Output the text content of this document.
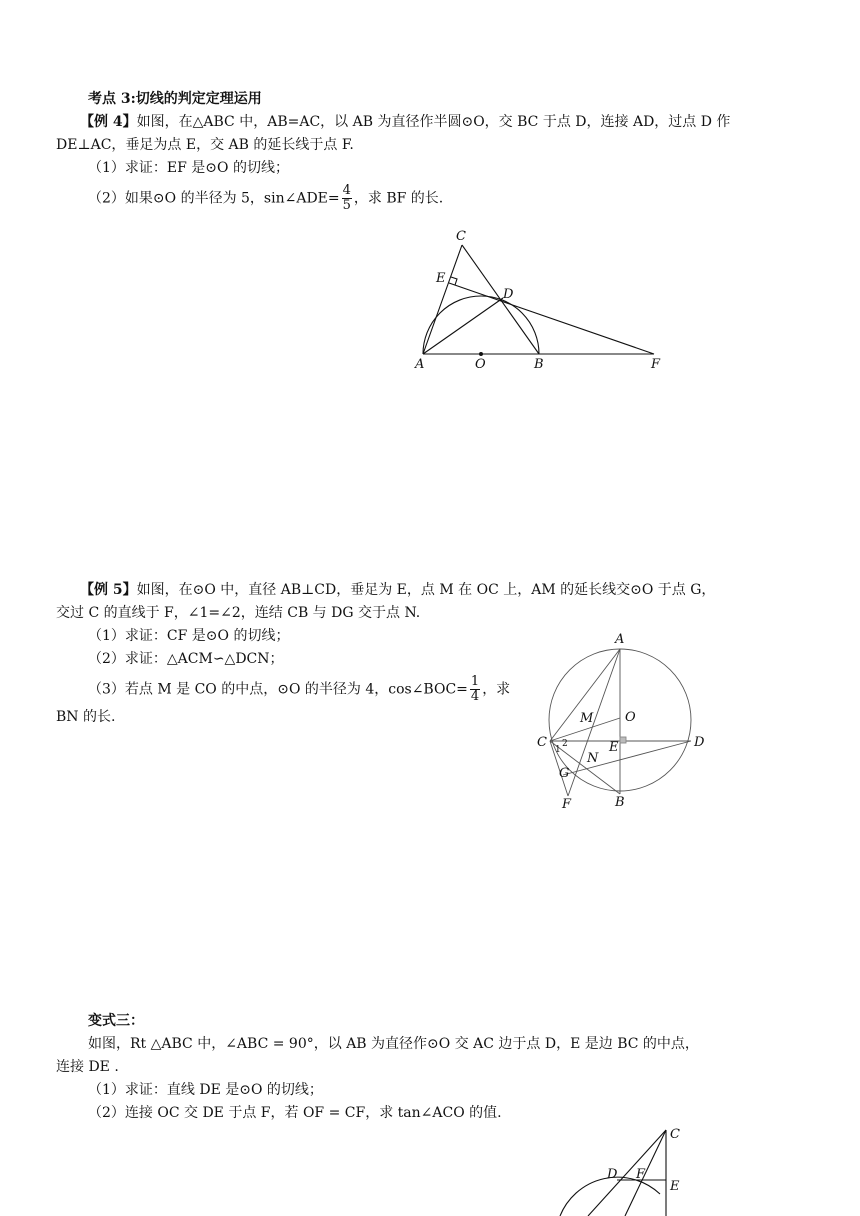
考点 3:切线的判定定理运用

【例 4】如图，在△ABC 中，AB=AC，以 AB 为直径作半圆⊙O，交 BC 于点 D，连接 AD，过点 D 作

DE⊥AC，垂足为点 E，交 AB 的延长线于点 F.

（1）求证：EF 是⊙O 的切线；

（2）如果⊙O 的半径为 5，sin∠ADE= $\frac{4}{5}$ ，求 BF 的长.

C
E
D
A	O	B	F

【例 5】如图，在⊙O 中，直径 AB⊥CD，垂足为 E，点 M 在 OC 上，AM 的延长线交⊙O 于点 G，

交过 C 的直线于 F，∠1=∠2，连结 CB 与 DG 交于点 N.

（1）求证：CF 是⊙O 的切线；

（2）求证：△ACM∽△DCN；

（3）若点 M 是 CO 的中点，⊙O 的半径为 4，cos∠BOC= $\frac{1}{4}$ ，求

BN 的长.

A
M O
C 2
1	E	D
N
G
F	B

变式三：

如图，Rt △ABC 中，∠ABC = 90°，以 AB 为直径作⊙O 交 AC 边于点 D，E 是边 BC 的中点，

连接 DE .

（1）求证：直线 DE 是⊙O 的切线；

（2）连接 OC 交 DE 于点 F，若 OF = CF，求 tan∠ACO 的值.

C
D F
E
